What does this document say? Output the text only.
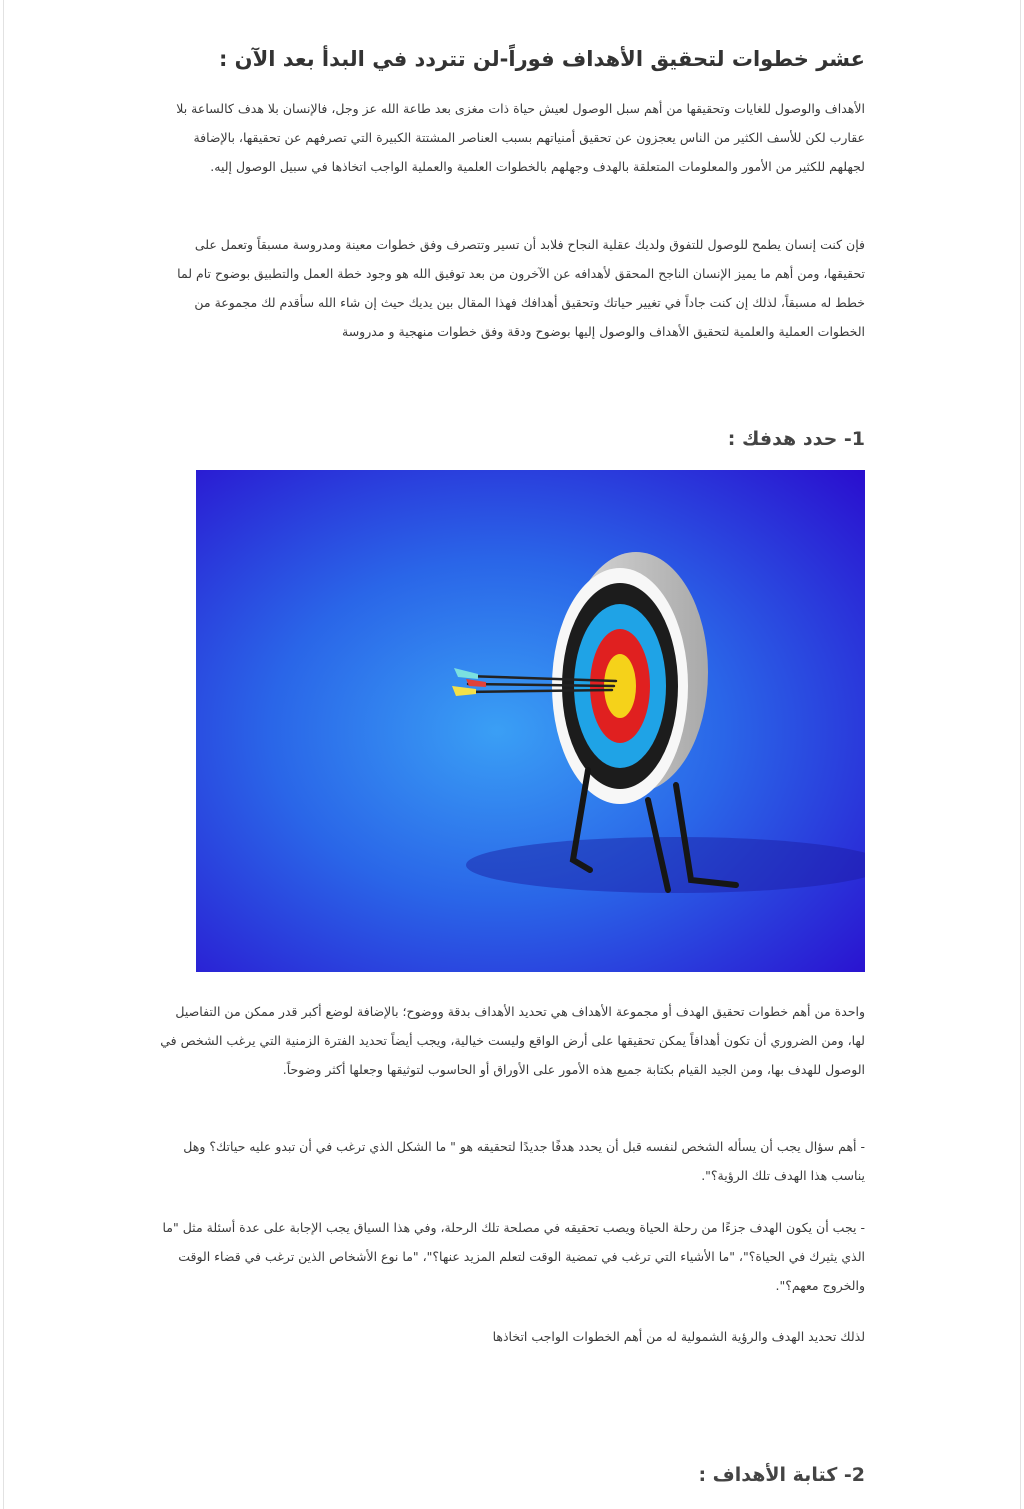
عشر خطوات لتحقيق الأهداف فوراً-لن تتردد في البدأ بعد الآن :

الأهداف والوصول للغايات وتحقيقها من أهم سبل الوصول لعيش حياة ذات مغزى بعد طاعة الله عز وجل، فالإنسان بلا هدف كالساعة بلا عقارب لكن للأسف الكثير من الناس يعجزون عن تحقيق أمنياتهم بسبب العناصر المشتتة الكبيرة التي تصرفهم عن تحقيقها، بالإضافة لجهلهم للكثير من الأمور والمعلومات المتعلقة بالهدف وجهلهم بالخطوات العلمية والعملية الواجب اتخاذها في سبيل الوصول إليه.

فإن كنت إنسان يطمح للوصول للتفوق ولديك عقلية النجاح فلابد أن تسير وتتصرف وفق خطوات معينة ومدروسة مسبقاً وتعمل على تحقيقها، ومن أهم ما يميز الإنسان الناجح المحقق لأهدافه عن الآخرون من بعد توفيق الله هو وجود خطة العمل والتطبيق بوضوح تام لما خطط له مسبقاً، لذلك إن كنت جاداً في تغيير حياتك وتحقيق أهدافك فهذا المقال بين يديك حيث إن شاء الله سأقدم لك مجموعة من الخطوات العملية والعلمية لتحقيق الأهداف والوصول إليها بوضوح ودقة وفق خطوات منهجية و مدروسة

1- حدد هدفك :

واحدة من أهم خطوات تحقيق الهدف أو مجموعة الأهداف هي تحديد الأهداف بدقة ووضوح؛ بالإضافة لوضع أكبر قدر ممكن من التفاصيل لها، ومن الضروري أن تكون أهدافاً يمكن تحقيقها على أرض الواقع وليست خيالية، ويجب أيضاً تحديد الفترة الزمنية التي يرغب الشخص في الوصول للهدف بها، ومن الجيد القيام بكتابة جميع هذه الأمور على الأوراق أو الحاسوب لتوثيقها وجعلها أكثر وضوحاً.

- أهم سؤال يجب أن يسأله الشخص لنفسه قبل أن يحدد هدفًا جديدًا لتحقيقه هو " ما الشكل الذي ترغب في أن تبدو عليه حياتك؟ وهل يناسب هذا الهدف تلك الرؤية؟".

- يجب أن يكون الهدف جزءًا من رحلة الحياة ويصب تحقيقه في مصلحة تلك الرحلة، وفي هذا السياق يجب الإجابة على عدة أسئلة مثل "ما الذي يثيرك في الحياة؟"، "ما الأشياء التي ترغب في تمضية الوقت لتعلم المزيد عنها؟"، "ما نوع الأشخاص الذين ترغب في قضاء الوقت والخروج معهم؟".

لذلك تحديد الهدف والرؤية الشمولية له من أهم الخطوات الواجب اتخاذها

2- كتابة الأهداف :
